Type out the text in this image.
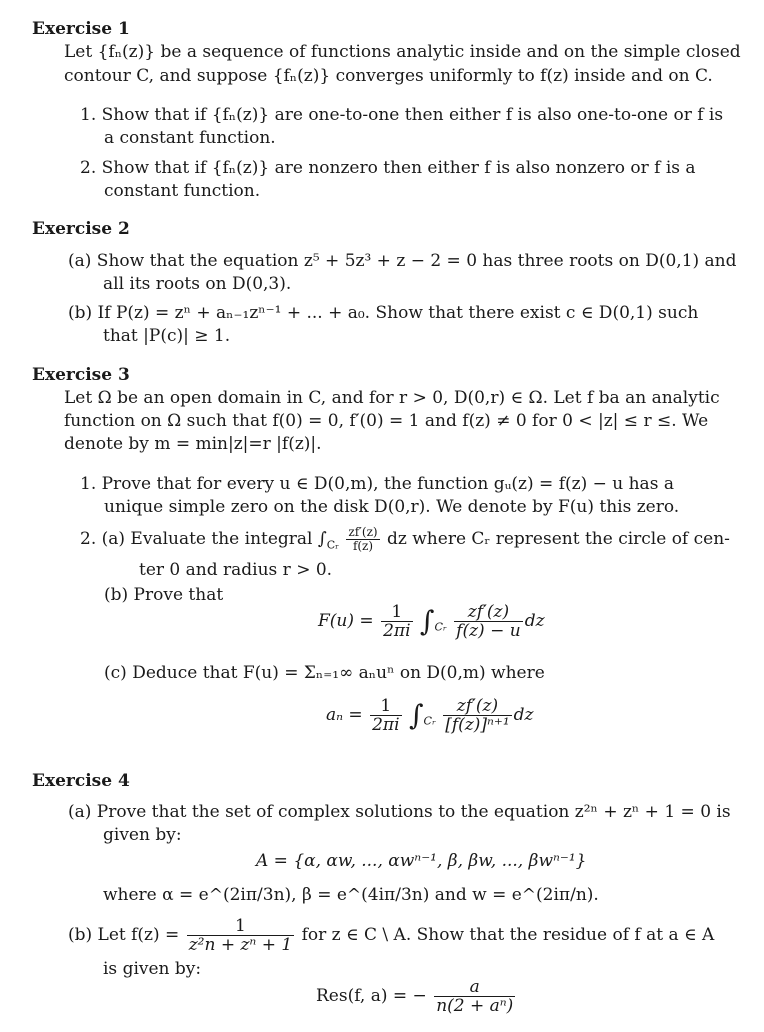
Exercise 1
Let {fₙ(z)} be a sequence of functions analytic inside and on the simple closed
contour C, and suppose {fₙ(z)} converges uniformly to f(z) inside and on C.
1. Show that if {fₙ(z)} are one-to-one then either f is also one-to-one or f is
a constant function.
2. Show that if {fₙ(z)} are nonzero then either f is also nonzero or f is a
constant function.
Exercise 2
(a) Show that the equation z⁵ + 5z³ + z − 2 = 0 has three roots on D(0,1) and
all its roots on D(0,3).
(b) If P(z) = zⁿ + aₙ₋₁zⁿ⁻¹ + ... + a₀. Show that there exist c ∈ D(0,1) such
that |P(c)| ≥ 1.
Exercise 3
Let Ω be an open domain in C, and for r > 0, D(0,r) ∈ Ω. Let f ba an analytic
function on Ω such that f(0) = 0, f′(0) = 1 and f(z) ≠ 0 for 0 < |z| ≤ r ≤. We
denote by m = min|z|=r |f(z)|.
1. Prove that for every u ∈ D(0,m), the function gᵤ(z) = f(z) − u has a
unique simple zero on the disk D(0,r). We denote by F(u) this zero.
2. (a) Evaluate the integral $\int_{Cᵣ} \frac{zf'(z)}{f(z)}$ dz where Cᵣ represent the circle of cen-
ter 0 and radius r > 0.
(b) Prove that
$F(u) = \frac{1}{2\pi i} \int_{Cᵣ} \frac{zf'(z)}{f(z) - u}$ dz
(c) Deduce that F(u) = Σₙ₌₁∞ aₙuⁿ on D(0,m) where
$a_n = \frac{1}{2\pi i} \int_{Cᵣ} \frac{zf'(z)}{\text{[f(z)]ⁿ⁺¹}}$ dz
Exercise 4
(a) Prove that the set of complex solutions to the equation z²ⁿ + zⁿ + 1 = 0 is
given by:
A = {α, αw, ..., αwⁿ⁻¹, β, βw, ..., βwⁿ⁻¹}
where α = e^(2iπ/3n), β = e^(4iπ/3n) and w = e^(2iπ/n).
(b) Let $f(z) = \frac{1}{\text{z²n + zⁿ + 1}}$ for z ∈ C \ A. Show that the residue of f at a ∈ A
is given by:
Res(f, a) = − $\frac{a}{\text{n(2 + aⁿ)}}$
